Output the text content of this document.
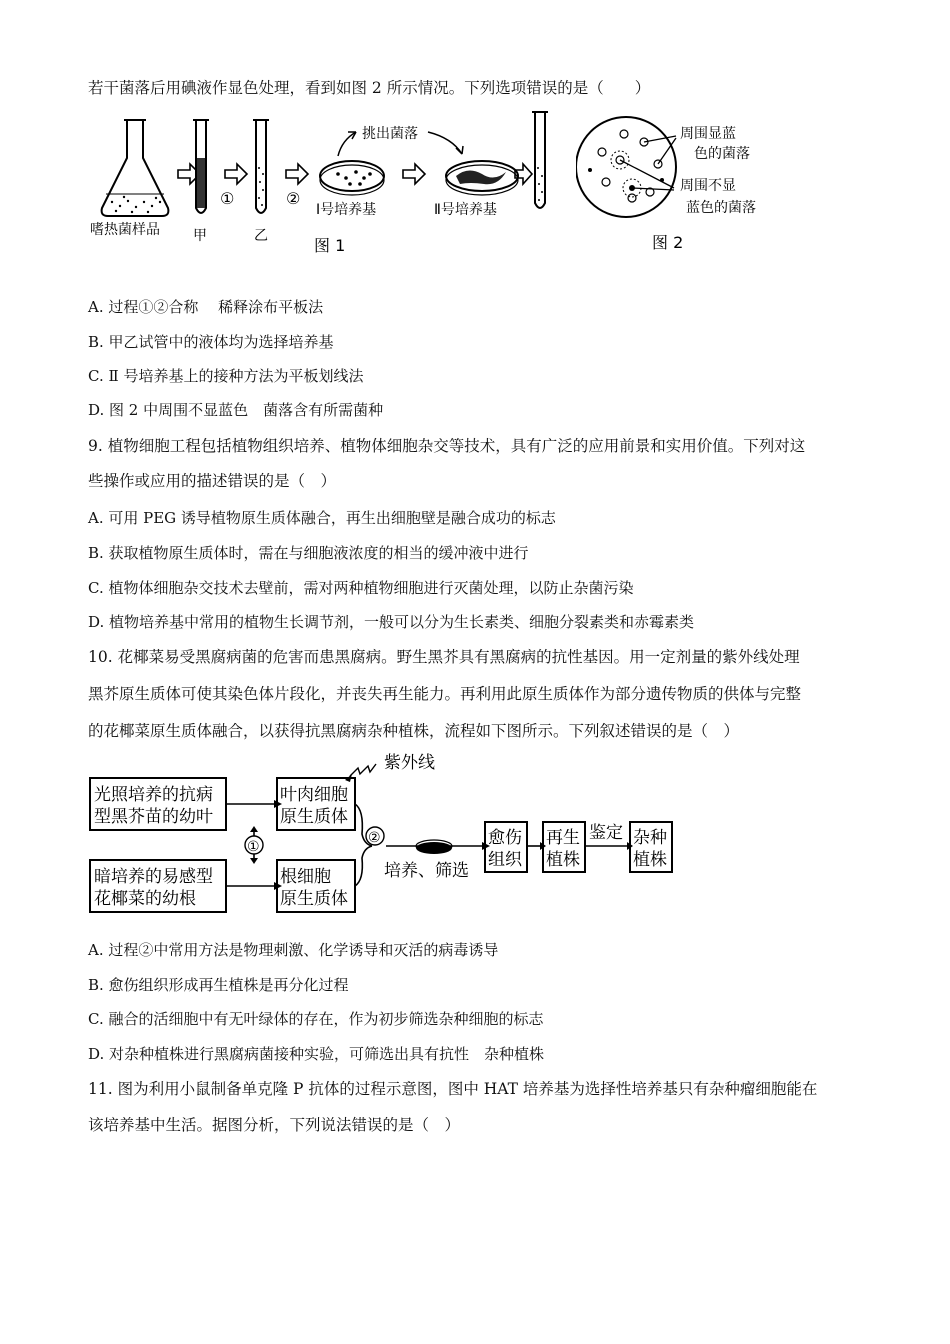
若干菌落后用碘液作显色处理，看到如图 2 所示情况。下列选项错误的是（　　）
嗜热菌样品 甲	乙
①	②
挑出菌落
Ⅰ号培养基	Ⅱ号培养基
图 1
周围显蓝
色的菌落
周围不显
蓝色的菌落
图 2
A. 过程①②合称　 稀释涂布平板法
B. 甲乙试管中的液体均为选择培养基
C. Ⅱ 号培养基上的接种方法为平板划线法
D. 图 2 中周围不显蓝色　菌落含有所需菌种
9. 植物细胞工程包括植物组织培养、植物体细胞杂交等技术，具有广泛的应用前景和实用价值。下列对这
些操作或应用的描述错误的是（　）
A. 可用 PEG 诱导植物原生质体融合，再生出细胞壁是融合成功的标志
B. 获取植物原生质体时，需在与细胞液浓度的相当的缓冲液中进行
C. 植物体细胞杂交技术去壁前，需对两种植物细胞进行灭菌处理，以防止杂菌污染
D. 植物培养基中常用的植物生长调节剂，一般可以分为生长素类、细胞分裂素类和赤霉素类
10. 花椰菜易受黑腐病菌的危害而患黑腐病。野生黑芥具有黑腐病的抗性基因。用一定剂量的紫外线处理
黑芥原生质体可使其染色体片段化，并丧失再生能力。再利用此原生质体作为部分遗传物质的供体与完整
的花椰菜原生质体融合，以获得抗黑腐病杂种植株，流程如下图所示。下列叙述错误的是（　）
紫外线
光照培养的抗病
型黑芥苗的幼叶
暗培养的易感型
花椰菜的幼根
叶肉细胞
原生质体
根细胞
原生质体
①
②
培养、筛选
愈伤
组织
再生
植株
鉴定 杂种
植株
A. 过程②中常用方法是物理刺激、化学诱导和灭活的病毒诱导
B. 愈伤组织形成再生植株是再分化过程
C. 融合的活细胞中有无叶绿体的存在，作为初步筛选杂种细胞的标志
D. 对杂种植株进行黑腐病菌接种实验，可筛选出具有抗性　杂种植株
11. 图为利用小鼠制备单克隆 P 抗体的过程示意图，图中 HAT 培养基为选择性培养基只有杂种瘤细胞能在
该培养基中生活。据图分析，下列说法错误的是（　）
